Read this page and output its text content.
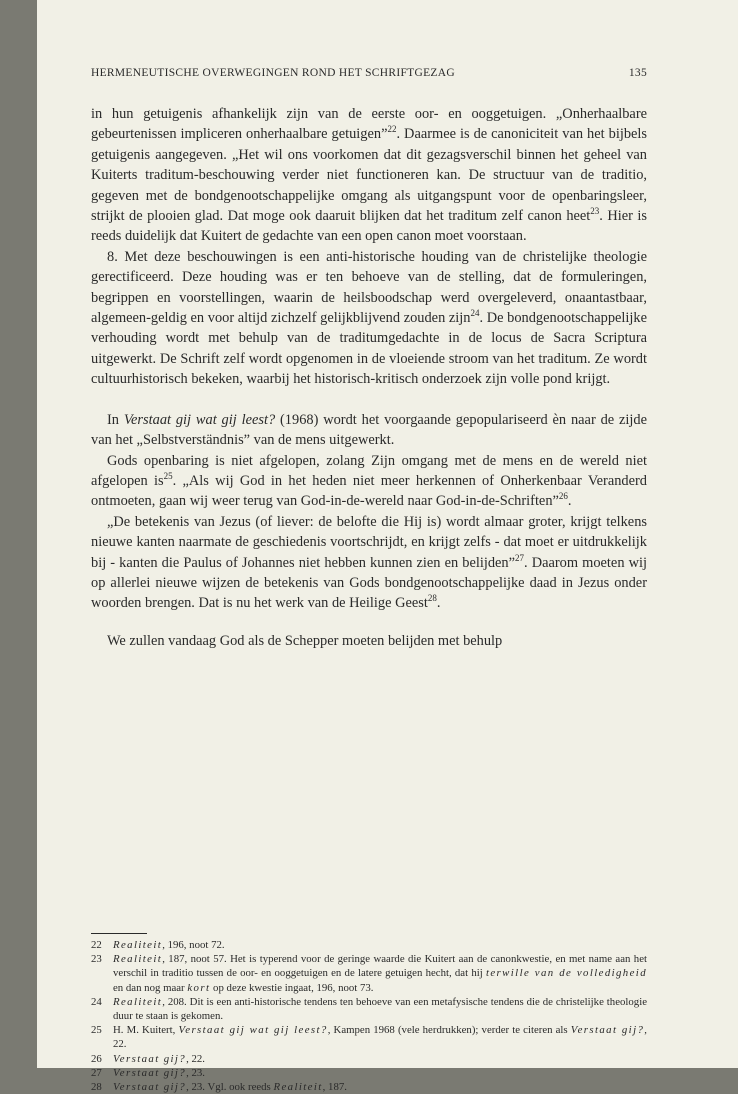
HERMENEUTISCHE OVERWEGINGEN ROND HET SCHRIFTGEZAG	135

in hun getuigenis afhankelijk zijn van de eerste oor- en ooggetuigen. „Onherhaalbare gebeurtenissen impliceren onherhaalbare getuigen”$^{22}$. Daarmee is de canoniciteit van het bijbels getuigenis aangegeven. „Het wil ons voorkomen dat dit gezagsverschil binnen het geheel van Kuiterts traditum-beschouwing verder niet functioneren kan. De structuur van de traditio, gegeven met de bondgenootschappelijke omgang als uitgangspunt voor de openbaringsleer, strijkt de plooien glad. Dat moge ook daaruit blijken dat het traditum zelf canon heet$^{23}$. Hier is reeds duidelijk dat Kuitert de gedachte van een open canon moet voorstaan.

8. Met deze beschouwingen is een anti-historische houding van de christelijke theologie gerectificeerd. Deze houding was er ten behoeve van de stelling, dat de formuleringen, begrippen en voorstellingen, waarin de heilsboodschap werd overgeleverd, onaantastbaar, algemeen-geldig en voor altijd zichzelf gelijkblijvend zouden zijn$^{24}$. De bondgenootschappelijke verhouding wordt met behulp van de traditumgedachte in de locus de Sacra Scriptura uitgewerkt. De Schrift zelf wordt opgenomen in de vloeiende stroom van het traditum. Ze wordt cultuurhistorisch bekeken, waarbij het historisch-kritisch onderzoek zijn volle pond krijgt.

In Verstaat gij wat gij leest? (1968) wordt het voorgaande gepopulariseerd èn naar de zijde van het „Selbstverständnis” van de mens uitgewerkt.

Gods openbaring is niet afgelopen, zolang Zijn omgang met de mens en de wereld niet afgelopen $is^{25}$. „Als wij God in het heden niet meer herkennen of Onherkenbaar Veranderd ontmoeten, gaan wij weer terug van God-in-de-wereld naar God-in-de-Schriften”$^{26}$.

„De betekenis van Jezus (of liever: de belofte die Hij is) wordt almaar groter, krijgt telkens nieuwe kanten naarmate de geschiedenis voortschrijdt, en krijgt zelfs - dat moet er uitdrukkelijk bij - kanten die Paulus of Johannes niet hebben kunnen zien en belijden”$^{27}$. Daarom moeten wij op allerlei nieuwe wijzen de betekenis van Gods bondgenootschappelijke daad in Jezus onder woorden brengen. Dat is nu het werk van de Heilige Geest$^{28}$.

We zullen vandaag God als de Schepper moeten belijden met behulp

22	Realiteit, 196, noot 72.
23	Realiteit, 187, noot 57. Het is typerend voor de geringe waarde die Kuitert aan de canonkwestie, en met name aan het verschil in traditio tussen de oor- en ooggetuigen en de latere getuigen hecht, dat hij terwille van de volledigheid en dan nog maar kort op deze kwestie ingaat, 196, noot 73.
24	Realiteit, 208. Dit is een anti-historische tendens ten behoeve van een metafysische tendens die de christelijke theologie duur te staan is gekomen.
25	H. M. Kuitert, Verstaat gij wat gij leest?, Kampen 1968 (vele herdrukken); verder te citeren als Verstaat gij?, 22.
26	Verstaat gij?, 22.
27	Verstaat gij?, 23.
28	Verstaat gij?, 23. Vgl. ook reeds Realiteit, 187.
